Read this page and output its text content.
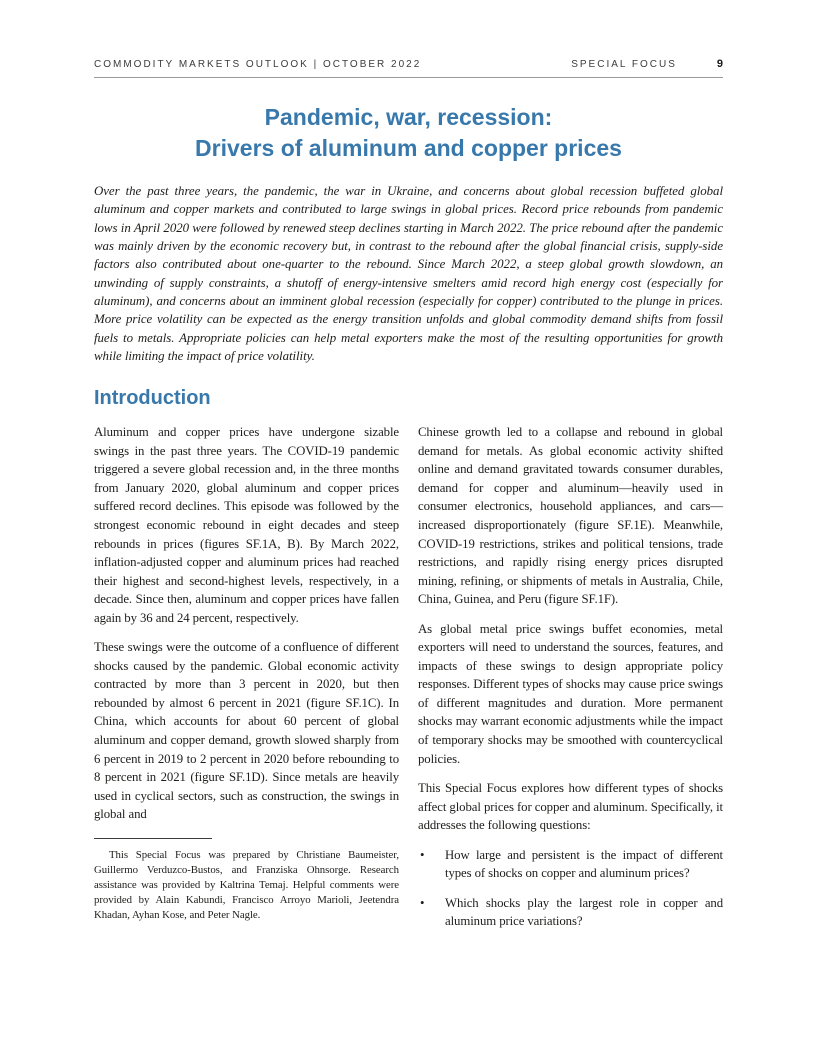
COMMODITY MARKETS OUTLOOK | OCTOBER 2022	SPECIAL FOCUS	9
Pandemic, war, recession:
Drivers of aluminum and copper prices

Over the past three years, the pandemic, the war in Ukraine, and concerns about global recession buffeted global aluminum and copper markets and contributed to large swings in global prices. Record price rebounds from pandemic lows in April 2020 were followed by renewed steep declines starting in March 2022. The price rebound after the pandemic was mainly driven by the economic recovery but, in contrast to the rebound after the global financial crisis, supply-side factors also contributed about one-quarter to the rebound. Since March 2022, a steep global growth slowdown, an unwinding of supply constraints, a shutoff of energy-intensive smelters amid record high energy cost (especially for aluminum), and concerns about an imminent global recession (especially for copper) contributed to the plunge in prices. More price volatility can be expected as the energy transition unfolds and global commodity demand shifts from fossil fuels to metals. Appropriate policies can help metal exporters make the most of the resulting opportunities for growth while limiting the impact of price volatility.

Introduction

Aluminum and copper prices have undergone sizable swings in the past three years. The COVID-19 pandemic triggered a severe global recession and, in the three months from January 2020, global aluminum and copper prices suffered record declines. This episode was followed by the strongest economic rebound in eight decades and steep rebounds in prices (figures SF.1A, B). By March 2022, inflation-adjusted copper and aluminum prices had reached their highest and second-highest levels, respectively, in a decade. Since then, aluminum and copper prices have fallen again by 36 and 24 percent, respectively.

These swings were the outcome of a confluence of different shocks caused by the pandemic. Global economic activity contracted by more than 3 percent in 2020, but then rebounded by almost 6 percent in 2021 (figure SF.1C). In China, which accounts for about 60 percent of global aluminum and copper demand, growth slowed sharply from 6 percent in 2019 to 2 percent in 2020 before rebounding to 8 percent in 2021 (figure SF.1D). Since metals are heavily used in cyclical sectors, such as construction, the swings in global and

This Special Focus was prepared by Christiane Baumeister, Guillermo Verduzco-Bustos, and Franziska Ohnsorge. Research assistance was provided by Kaltrina Temaj. Helpful comments were provided by Alain Kabundi, Francisco Arroyo Marioli, Jeetendra Khadan, Ayhan Kose, and Peter Nagle.

Chinese growth led to a collapse and rebound in global demand for metals. As global economic activity shifted online and demand gravitated towards consumer durables, demand for copper and aluminum—heavily used in consumer electronics, household appliances, and cars—increased disproportionately (figure SF.1E). Meanwhile, COVID-19 restrictions, strikes and political tensions, trade restrictions, and rapidly rising energy prices disrupted mining, refining, or shipments of metals in Australia, Chile, China, Guinea, and Peru (figure SF.1F).

As global metal price swings buffet economies, metal exporters will need to understand the sources, features, and impacts of these swings to design appropriate policy responses. Different types of shocks may cause price swings of different magnitudes and duration. More permanent shocks may warrant economic adjustments while the impact of temporary shocks may be smoothed with countercyclical policies.

This Special Focus explores how different types of shocks affect global prices for copper and aluminum. Specifically, it addresses the following questions:

• How large and persistent is the impact of different types of shocks on copper and aluminum prices?
• Which shocks play the largest role in copper and aluminum price variations?
